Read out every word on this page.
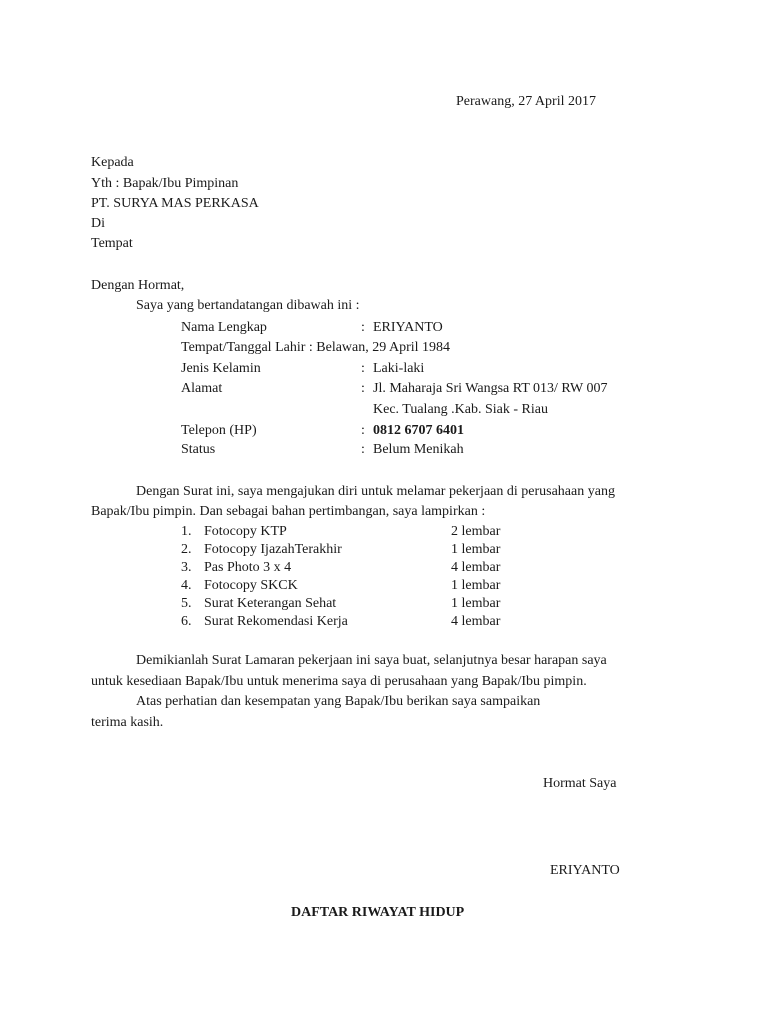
Perawang, 27 April 2017
Kepada
Yth : Bapak/Ibu Pimpinan
PT. SURYA MAS PERKASA
Di
Tempat
Dengan Hormat,
Saya yang bertandatangan dibawah ini :
Nama Lengkap	: ERIYANTO
Tempat/Tanggal Lahir : Belawan, 29 April 1984
Jenis Kelamin	: Laki-laki
Alamat	: Jl. Maharaja Sri Wangsa RT 013/ RW 007
Kec. Tualang .Kab. Siak - Riau
Telepon (HP)	: 0812 6707 6401
Status	: Belum Menikah
Dengan Surat ini, saya mengajukan diri untuk melamar pekerjaan di perusahaan yang
Bapak/Ibu pimpin. Dan sebagai bahan pertimbangan, saya lampirkan :
1. Fotocopy KTP	2 lembar
2. Fotocopy IjazahTerakhir	1 lembar
3. Pas Photo 3 x 4	4 lembar
4. Fotocopy SKCK	1 lembar
5. Surat Keterangan Sehat	1 lembar
6. Surat Rekomendasi Kerja	4 lembar
Demikianlah Surat Lamaran pekerjaan ini saya buat, selanjutnya besar harapan saya
untuk kesediaan Bapak/Ibu untuk menerima saya di perusahaan yang Bapak/Ibu pimpin.
Atas perhatian dan kesempatan yang Bapak/Ibu berikan saya sampaikan
terima kasih.
Hormat Saya
ERIYANTO
DAFTAR RIWAYAT HIDUP
